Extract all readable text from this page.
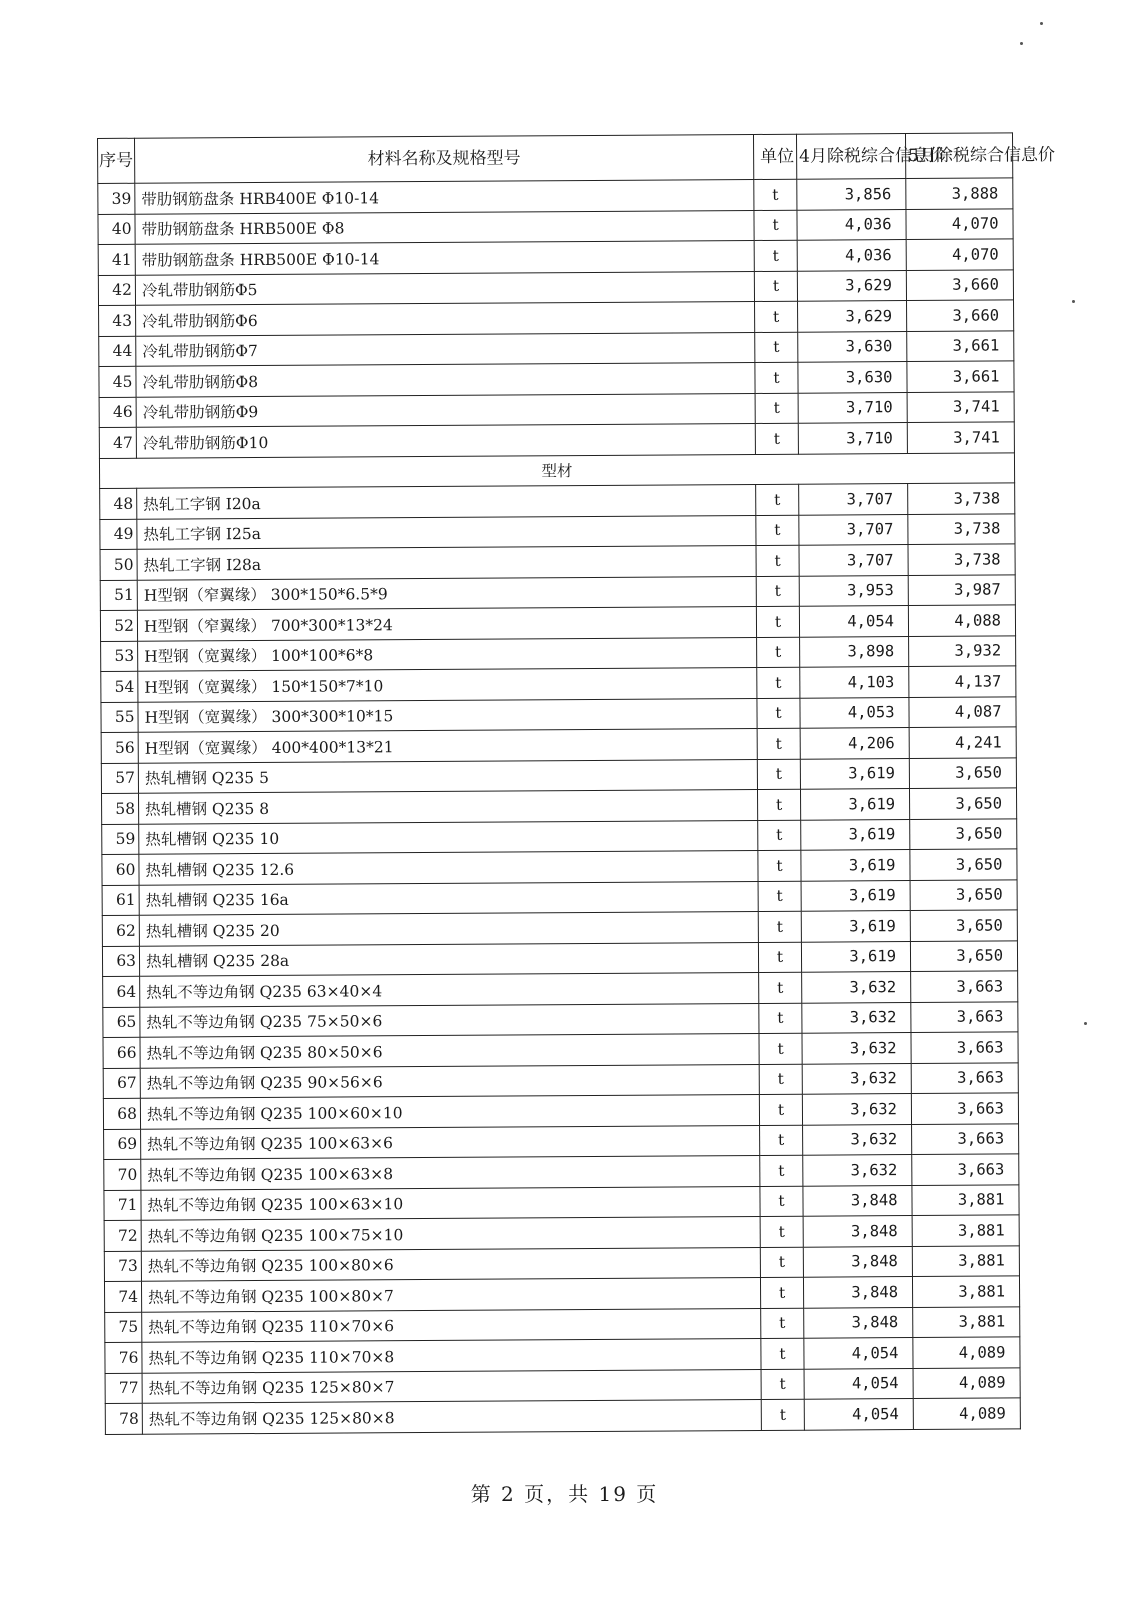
序号	材料名称及规格型号	单位	4月除税综合信息价	5月除税综合信息价
39	带肋钢筋盘条 HRB400E Φ10-14	t	3,856	3,888
40	带肋钢筋盘条 HRB500E Φ8	t	4,036	4,070
41	带肋钢筋盘条 HRB500E Φ10-14	t	4,036	4,070
42	冷轧带肋钢筋Φ5	t	3,629	3,660
43	冷轧带肋钢筋Φ6	t	3,629	3,660
44	冷轧带肋钢筋Φ7	t	3,630	3,661
45	冷轧带肋钢筋Φ8	t	3,630	3,661
46	冷轧带肋钢筋Φ9	t	3,710	3,741
47	冷轧带肋钢筋Φ10	t	3,710	3,741
型材				
48	热轧工字钢 I20a	t	3,707	3,738
49	热轧工字钢 I25a	t	3,707	3,738
50	热轧工字钢 I28a	t	3,707	3,738
51	H型钢（窄翼缘） 300*150*6.5*9	t	3,953	3,987
52	H型钢（窄翼缘） 700*300*13*24	t	4,054	4,088
53	H型钢（宽翼缘） 100*100*6*8	t	3,898	3,932
54	H型钢（宽翼缘） 150*150*7*10	t	4,103	4,137
55	H型钢（宽翼缘） 300*300*10*15	t	4,053	4,087
56	H型钢（宽翼缘） 400*400*13*21	t	4,206	4,241
57	热轧槽钢 Q235 5	t	3,619	3,650
58	热轧槽钢 Q235 8	t	3,619	3,650
59	热轧槽钢 Q235 10	t	3,619	3,650
60	热轧槽钢 Q235 12.6	t	3,619	3,650
61	热轧槽钢 Q235 16a	t	3,619	3,650
62	热轧槽钢 Q235 20	t	3,619	3,650
63	热轧槽钢 Q235 28a	t	3,619	3,650
64	热轧不等边角钢 Q235 63×40×4	t	3,632	3,663
65	热轧不等边角钢 Q235 75×50×6	t	3,632	3,663
66	热轧不等边角钢 Q235 80×50×6	t	3,632	3,663
67	热轧不等边角钢 Q235 90×56×6	t	3,632	3,663
68	热轧不等边角钢 Q235 100×60×10	t	3,632	3,663
69	热轧不等边角钢 Q235 100×63×6	t	3,632	3,663
70	热轧不等边角钢 Q235 100×63×8	t	3,632	3,663
71	热轧不等边角钢 Q235 100×63×10	t	3,848	3,881
72	热轧不等边角钢 Q235 100×75×10	t	3,848	3,881
73	热轧不等边角钢 Q235 100×80×6	t	3,848	3,881
74	热轧不等边角钢 Q235 100×80×7	t	3,848	3,881
75	热轧不等边角钢 Q235 110×70×6	t	3,848	3,881
76	热轧不等边角钢 Q235 110×70×8	t	4,054	4,089
77	热轧不等边角钢 Q235 125×80×7	t	4,054	4,089
78	热轧不等边角钢 Q235 125×80×8	t	4,054	4,089
第 2 页，共 19 页
